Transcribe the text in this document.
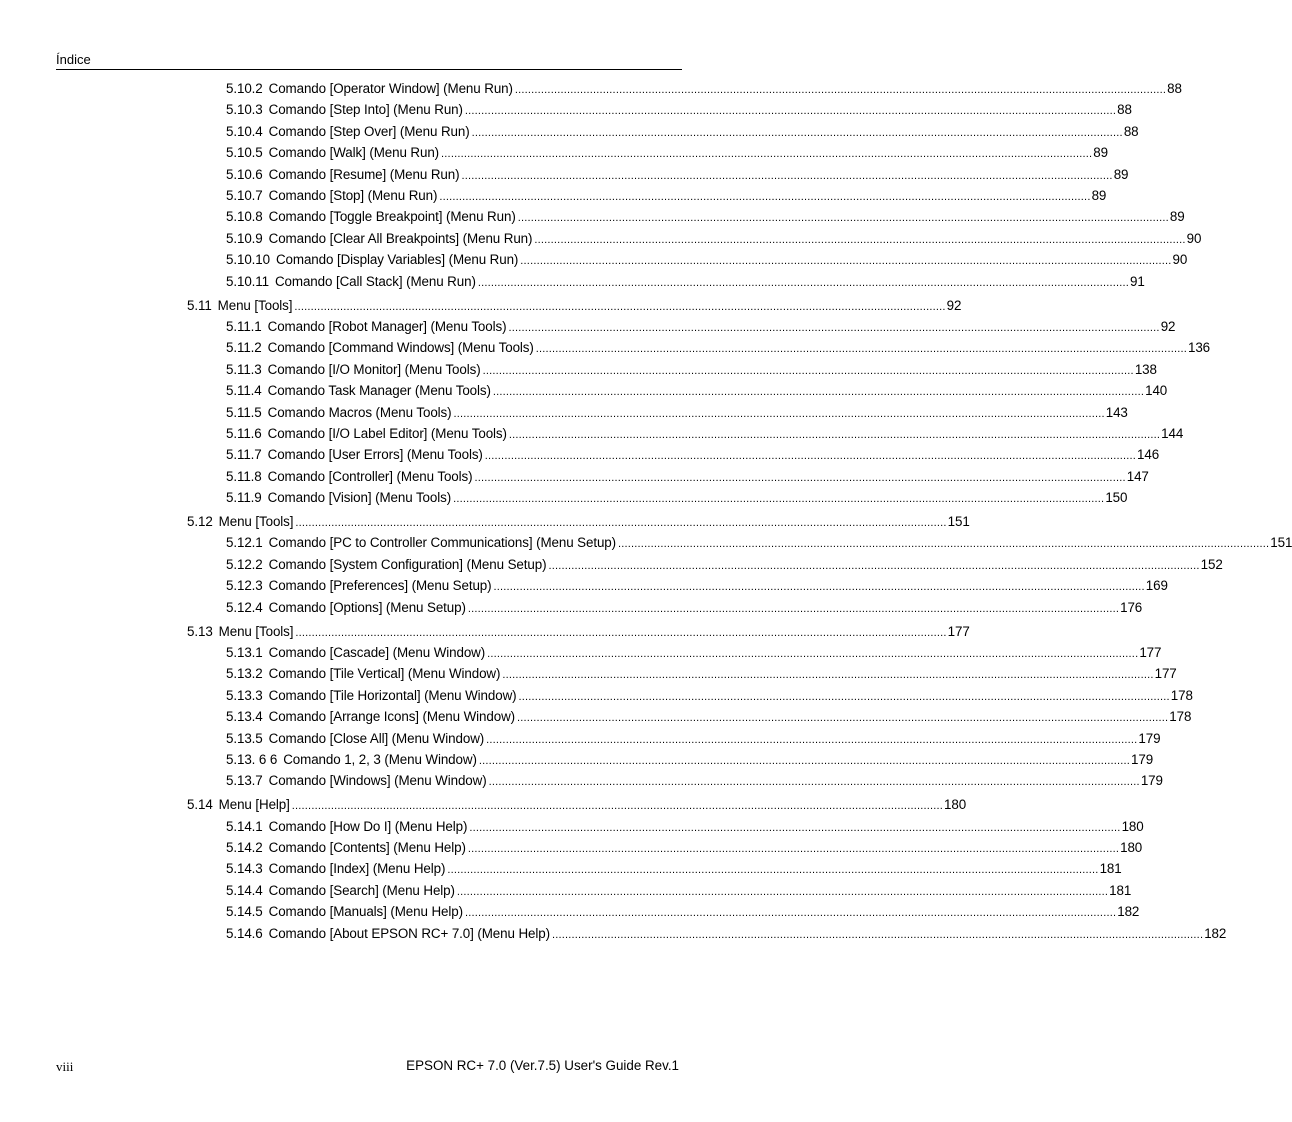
Índice
5.10.2 Comando [Operator Window] (Menu Run) ........................................................................................................................................................................................................ 88
5.10.3 Comando [Step Into] (Menu Run) ........................................................................................................................................................................................................ 88
5.10.4 Comando [Step Over] (Menu Run) ........................................................................................................................................................................................................ 88
5.10.5 Comando [Walk] (Menu Run) ........................................................................................................................................................................................................ 89
5.10.6 Comando [Resume] (Menu Run) ........................................................................................................................................................................................................ 89
5.10.7 Comando [Stop] (Menu Run) ........................................................................................................................................................................................................ 89
5.10.8 Comando [Toggle Breakpoint] (Menu Run) ........................................................................................................................................................................................................ 89
5.10.9 Comando [Clear All Breakpoints] (Menu Run) ........................................................................................................................................................................................................ 90
5.10.10 Comando [Display Variables] (Menu Run) ........................................................................................................................................................................................................ 90
5.10.11 Comando [Call Stack] (Menu Run) ........................................................................................................................................................................................................ 91
5.11 Menu [Tools] ........................................................................................................................................................................................................ 92
5.11.1 Comando [Robot Manager] (Menu Tools) ........................................................................................................................................................................................................ 92
5.11.2 Comando [Command Windows] (Menu Tools) ........................................................................................................................................................................................................ 136
5.11.3 Comando [I/O Monitor] (Menu Tools) ........................................................................................................................................................................................................ 138
5.11.4 Comando Task Manager (Menu Tools) ........................................................................................................................................................................................................ 140
5.11.5 Comando Macros (Menu Tools) ........................................................................................................................................................................................................ 143
5.11.6 Comando [I/O Label Editor] (Menu Tools) ........................................................................................................................................................................................................ 144
5.11.7 Comando [User Errors] (Menu Tools) ........................................................................................................................................................................................................ 146
5.11.8 Comando [Controller] (Menu Tools) ........................................................................................................................................................................................................ 147
5.11.9 Comando [Vision] (Menu Tools) ........................................................................................................................................................................................................ 150
5.12 Menu [Tools] ........................................................................................................................................................................................................ 151
5.12.1 Comando [PC to Controller Communications] (Menu Setup) ........................................................................................................................................................................................................ 151
5.12.2 Comando [System Configuration] (Menu Setup) ........................................................................................................................................................................................................ 152
5.12.3 Comando [Preferences] (Menu Setup) ........................................................................................................................................................................................................ 169
5.12.4 Comando [Options] (Menu Setup) ........................................................................................................................................................................................................ 176
5.13 Menu [Tools] ........................................................................................................................................................................................................ 177
5.13.1 Comando [Cascade] (Menu Window) ........................................................................................................................................................................................................ 177
5.13.2 Comando [Tile Vertical] (Menu Window) ........................................................................................................................................................................................................ 177
5.13.3 Comando [Tile Horizontal] (Menu Window) ........................................................................................................................................................................................................ 178
5.13.4 Comando [Arrange Icons] (Menu Window) ........................................................................................................................................................................................................ 178
5.13.5 Comando [Close All] (Menu Window) ........................................................................................................................................................................................................ 179
5.13. 6 6 Comando 1, 2, 3 (Menu Window) ........................................................................................................................................................................................................ 179
5.13.7 Comando [Windows] (Menu Window) ........................................................................................................................................................................................................ 179
5.14 Menu [Help] ........................................................................................................................................................................................................ 180
5.14.1 Comando [How Do I] (Menu Help) ........................................................................................................................................................................................................ 180
5.14.2 Comando [Contents] (Menu Help) ........................................................................................................................................................................................................ 180
5.14.3 Comando [Index] (Menu Help) ........................................................................................................................................................................................................ 181
5.14.4 Comando [Search] (Menu Help) ........................................................................................................................................................................................................ 181
5.14.5 Comando [Manuals] (Menu Help) ........................................................................................................................................................................................................ 182
5.14.6 Comando [About EPSON RC+ 7.0] (Menu Help) ........................................................................................................................................................................................................ 182
viii	EPSON RC+ 7.0 (Ver.7.5) User's Guide Rev.1
